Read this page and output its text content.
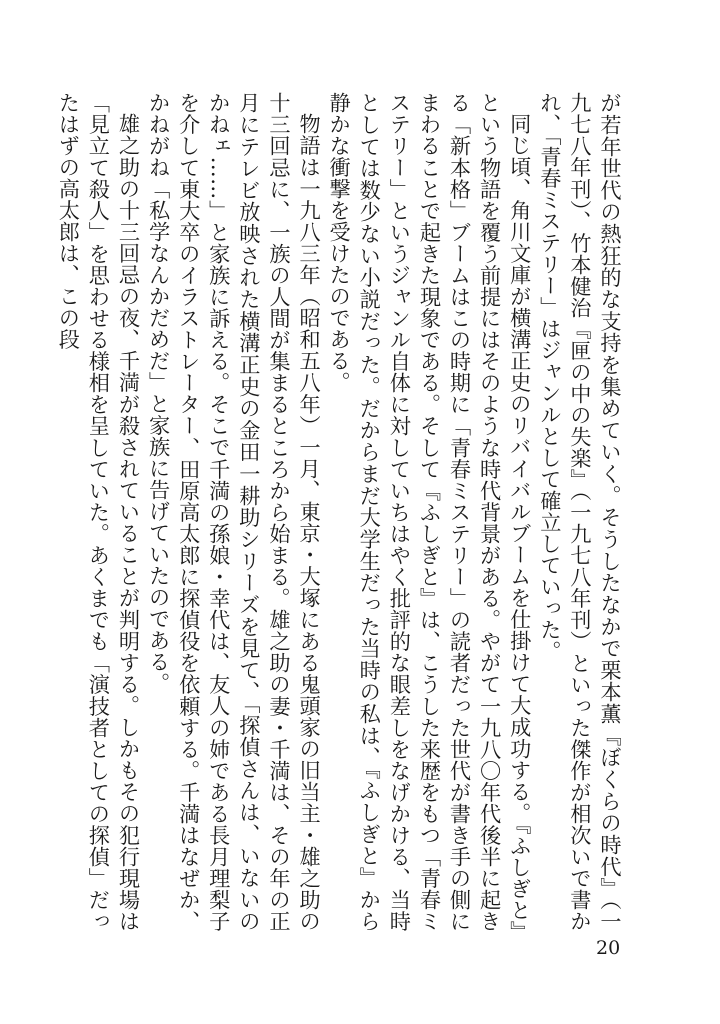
が若年世代の熱狂的な支持を集めていく。そうしたなかで栗本薫『ぼくらの時代』（一九七八年刊）、竹本健治『匣の中の失楽』（一九七八年刊）といった傑作が相次いで書かれ、「青春ミステリー」はジャンルとして確立していった。

同じ頃、角川文庫が横溝正史のリバイバルブームを仕掛けて大成功する。『ふしぎと』という物語を覆う前提にはそのような時代背景がある。やがて一九八〇年代後半に起きる「新本格」ブームはこの時期に「青春ミステリー」の読者だった世代が書き手の側にまわることで起きた現象である。そして『ふしぎと』は、こうした来歴をもつ「青春ミステリー」というジャンル自体に対していちはやく批評的な眼差しをなげかける、当時としては数少ない小説だった。だからまだ大学生だった当時の私は、『ふしぎと』から静かな衝撃を受けたのである。

物語は一九八三年（昭和五八年）一月、東京・大塚にある鬼頭家の旧当主・雄之助の十三回忌に、一族の人間が集まるところから始まる。雄之助の妻・千満は、その年の正月にテレビ放映された横溝正史の金田一耕助シリーズを見て、「探偵さんは、いないのかねェ……」と家族に訴える。そこで千満の孫娘・幸代は、友人の姉である長月理梨子を介して東大卒のイラストレーター、田原高太郎に探偵役を依頼する。千満はなぜか、かねがね「私学なんかだめだ」と家族に告げていたのである。

雄之助の十三回忌の夜、千満が殺されていることが判明する。しかもその犯行現場は「見立て殺人」を思わせる様相を呈していた。あくまでも「演技者としての探偵」だったはずの高太郎は、この段

20
